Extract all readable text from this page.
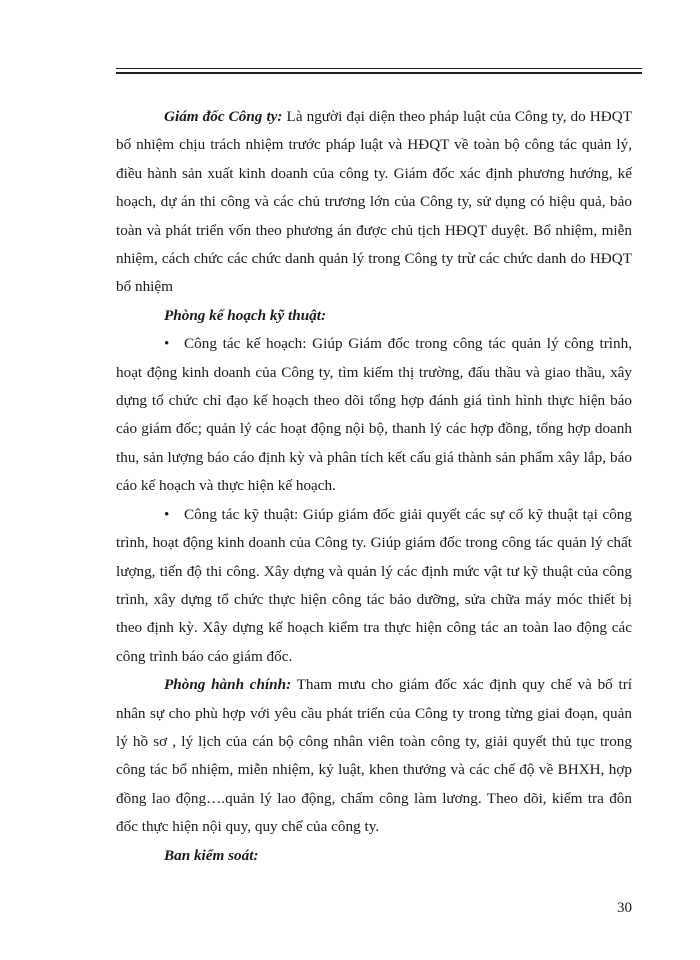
Giám đốc Công ty: Là người đại diện theo pháp luật của Công ty, do HĐQT bổ nhiệm chịu trách nhiệm trước pháp luật và HĐQT về toàn bộ công tác quản lý, điều hành sản xuất kinh doanh của công ty. Giám đốc xác định phương hướng, kế hoạch, dự án thi công và các chủ trương lớn của Công ty, sử dụng có hiệu quả, bảo toàn và phát triển vốn theo phương án được chủ tịch HĐQT duyệt. Bổ nhiệm, miễn nhiệm, cách chức các chức danh quản lý trong Công ty trừ các chức danh do HĐQT bổ nhiệm

Phòng kế hoạch kỹ thuật:

• Công tác kế hoạch: Giúp Giám đốc trong công tác quản lý công trình, hoạt động kinh doanh của Công ty, tìm kiếm thị trường, đấu thầu và giao thầu, xây dựng tổ chức chỉ đạo kế hoạch theo dõi tổng hợp đánh giá tình hình thực hiện báo cáo giám đốc; quản lý các hoạt động nội bộ, thanh lý các hợp đồng, tổng hợp doanh thu, sản lượng báo cáo định kỳ và phân tích kết cấu giá thành sản phẩm xây lắp, báo cáo kế hoạch và thực hiện kế hoạch.

• Công tác kỹ thuật: Giúp giám đốc giải quyết các sự cố kỹ thuật tại công trình, hoạt động kinh doanh của Công ty. Giúp giám đốc trong công tác quản lý chất lượng, tiến độ thi công. Xây dựng và quản lý các định mức vật tư kỹ thuật của công trình, xây dựng tổ chức thực hiện công tác bảo dưỡng, sửa chữa máy móc thiết bị theo định kỳ. Xây dựng kế hoạch kiểm tra thực hiện công tác an toàn lao động các công trình báo cáo giám đốc.

Phòng hành chính: Tham mưu cho giám đốc xác định quy chế và bố trí nhân sự cho phù hợp với yêu cầu phát triển của Công ty trong từng giai đoạn, quản lý hồ sơ , lý lịch của cán bộ công nhân viên toàn công ty, giải quyết thủ tục trong công tác bổ nhiệm, miễn nhiệm, kỷ luật, khen thưởng và các chế độ về BHXH, hợp đồng lao động….quản lý lao động, chấm công làm lương. Theo dõi, kiểm tra đôn đốc thực hiện nội quy, quy chế của công ty.

Ban kiểm soát:

30
